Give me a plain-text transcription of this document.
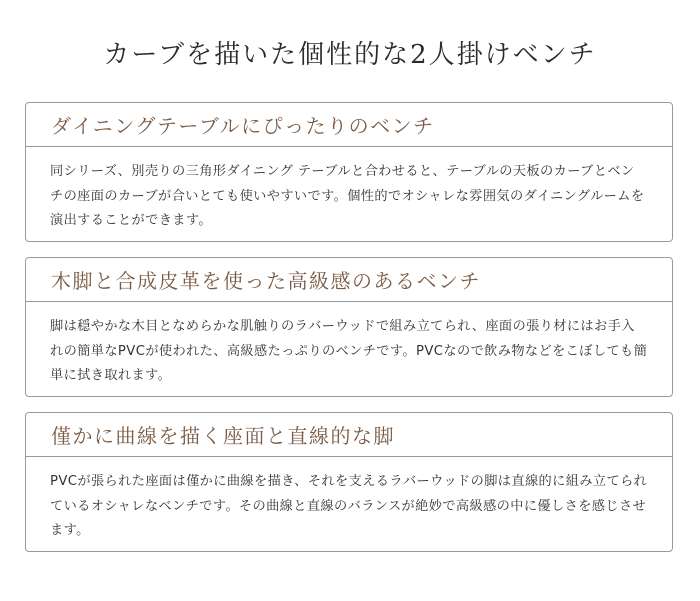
カーブを描いた個性的な2人掛けベンチ
ダイニングテーブルにぴったりのベンチ
同シリーズ、別売りの三角形ダイニング テーブルと合わせると、テーブルの天板のカーブとベンチの座面のカーブが合いとても使いやすいです。個性的でオシャレな雰囲気のダイニングルームを演出することができます。
木脚と合成皮革を使った高級感のあるベンチ
脚は穏やかな木目となめらかな肌触りのラバーウッドで組み立てられ、座面の張り材にはお手入れの簡単なPVCが使われた、高級感たっぷりのベンチです。PVCなので飲み物などをこぼしても簡単に拭き取れます。
僅かに曲線を描く座面と直線的な脚
PVCが張られた座面は僅かに曲線を描き、それを支えるラバーウッドの脚は直線的に組み立てられているオシャレなベンチです。その曲線と直線のバランスが絶妙で高級感の中に優しさを感じさせます。
